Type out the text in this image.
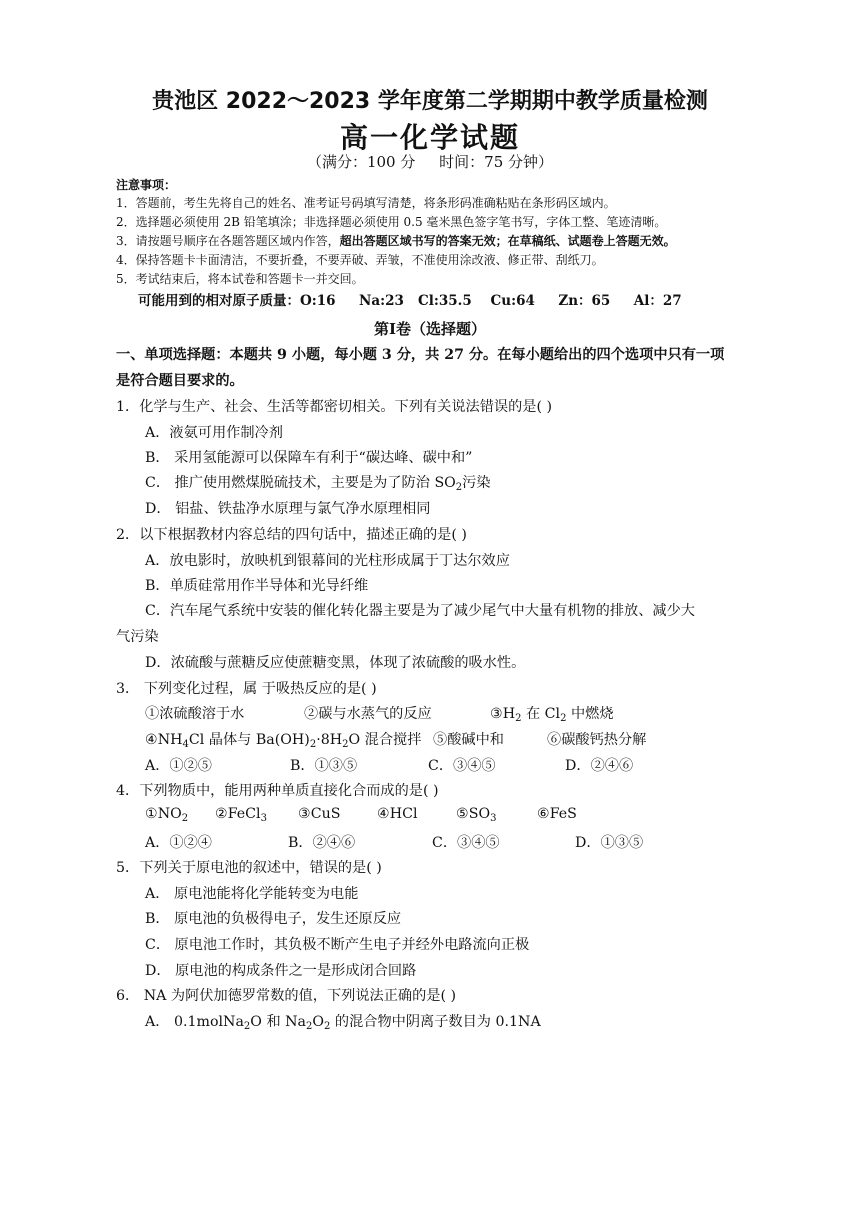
贵池区 2022～2023 学年度第二学期期中教学质量检测
高一化学试题
（满分：100 分     时间：75 分钟）
注意事项：
1．答题前，考生先将自己的姓名、准考证号码填写清楚，将条形码准确粘贴在条形码区域内。
2．选择题必须使用 2B 铅笔填涂；非选择题必须使用 0.5 毫米黑色签字笔书写，字体工整、笔迹清晰。
3．请按题号顺序在各题答题区域内作答，超出答题区域书写的答案无效；在草稿纸、试题卷上答题无效。
4．保持答题卡卡面清洁，不要折叠，不要弄破、弄皱，不准使用涂改液、修正带、刮纸刀。
5．考试结束后，将本试卷和答题卡一并交回。
可能用到的相对原子质量：O:16     Na:23   Cl:35.5    Cu:64     Zn：65     Al：27
第Ⅰ卷（选择题）
一、单项选择题：本题共 9 小题，每小题 3 分，共 27 分。在每小题给出的四个选项中只有一项
是符合题目要求的。
1．化学与生产、社会、生活等都密切相关。下列有关说法错误的是( )
A．液氨可用作制冷剂
B． 采用氢能源可以保障车有利于“碳达峰、碳中和”
C． 推广使用燃煤脱硫技术，主要是为了防治 $SO_2$污染
D． 铝盐、铁盐净水原理与氯气净水原理相同
2．以下根据教材内容总结的四句话中，描述正确的是( )
A．放电影时，放映机到银幕间的光柱形成属于丁达尔效应
B．单质硅常用作半导体和光导纤维
C．汽车尾气系统中安装的催化转化器主要是为了减少尾气中大量有机物的排放、减少大
气污染
D．浓硫酸与蔗糖反应使蔗糖变黑，体现了浓硫酸的吸水性。
3． 下列变化过程，属 于吸热反应的是( )
①浓硫酸溶于水	②碳与水蒸气的反应	$③H_2$ 在 $Cl_2$ 中燃烧
$④NH_4Cl$ 晶体与 $Ba(OH)_2\cdot 8H_2O$ 混合搅拌 ⑤酸碱中和	⑥碳酸钙热分解
A．①②⑤	B．①③⑤	C．③④⑤	D．②④⑥
4．下列物质中，能用两种单质直接化合而成的是( )
$①NO_2$ ②FeCl$_3$ ③CuS	④HCl	$⑤SO_3$	⑥FeS
A．①②④	B．②④⑥	C．③④⑤	D．①③⑤
5．下列关于原电池的叙述中，错误的是( )
A． 原电池能将化学能转变为电能
B． 原电池的负极得电子，发生还原反应
C． 原电池工作时，其负极不断产生电子并经外电路流向正极
D． 原电池的构成条件之一是形成闭合回路
6． NA 为阿伏加德罗常数的值，下列说法正确的是( )
A． 0.1molNa$_2$O 和 $Na_2O_2$ 的混合物中阴离子数目为 0.1NA
